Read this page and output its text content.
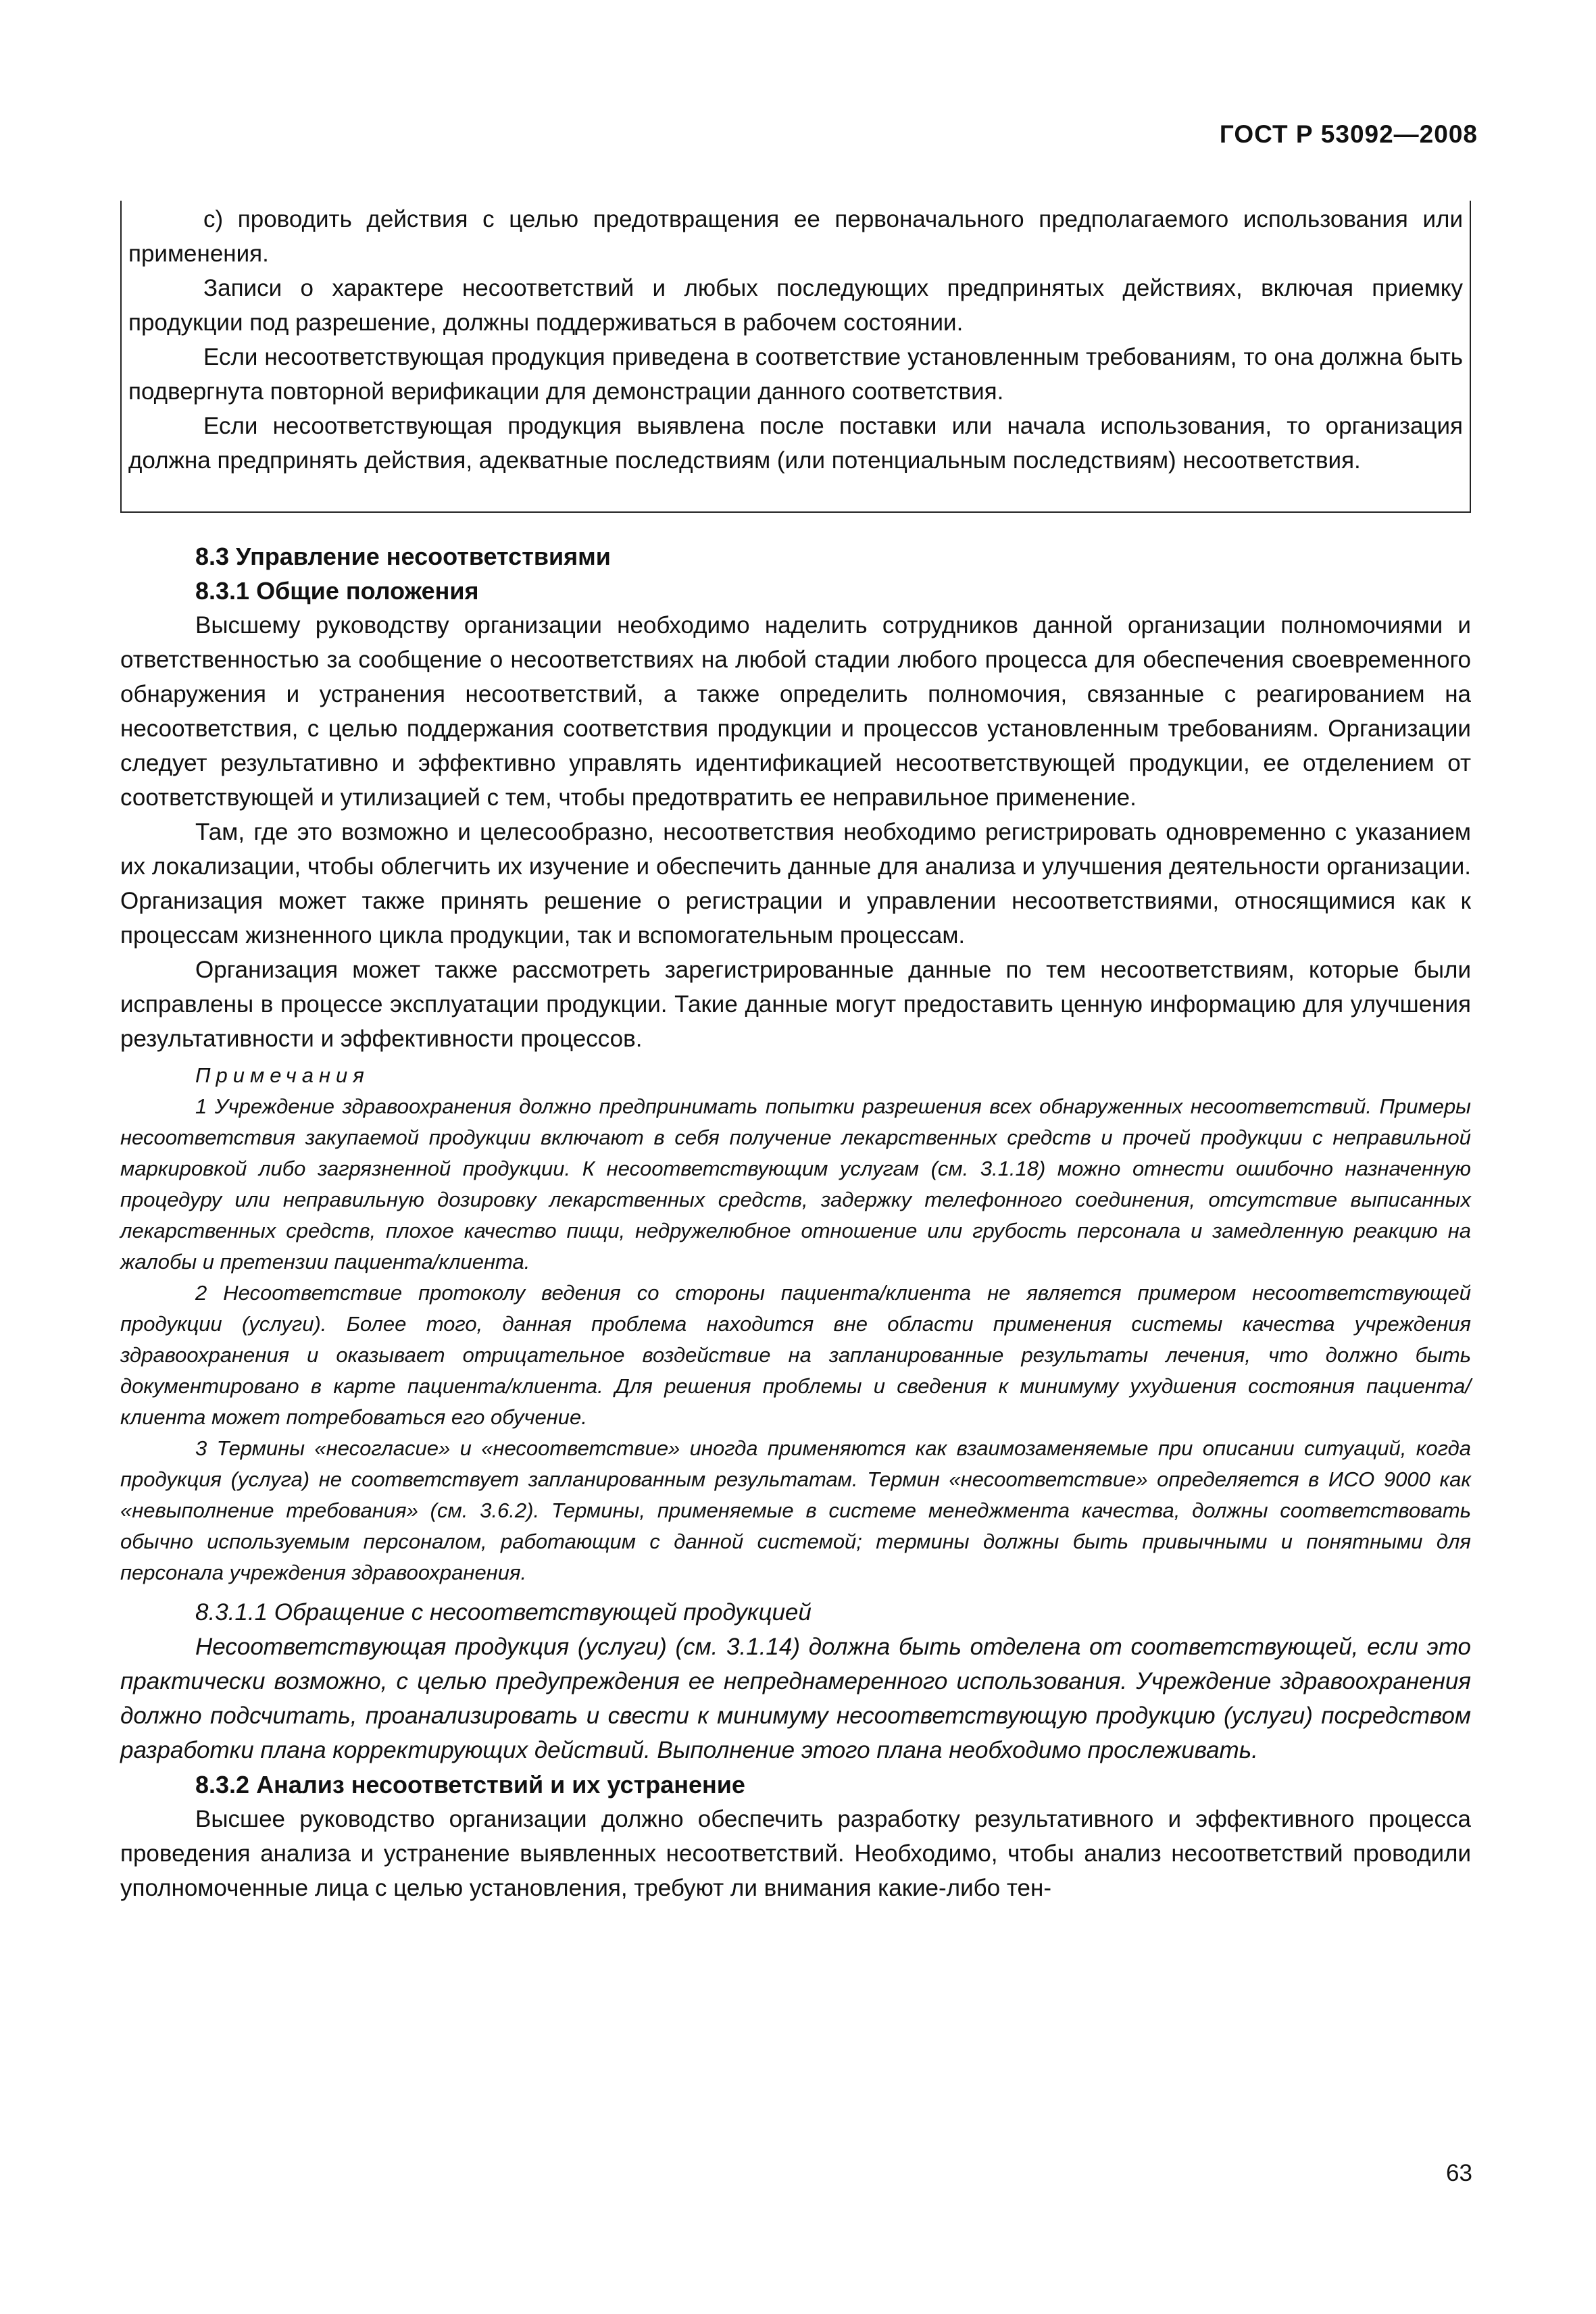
ГОСТ Р 53092—2008

c) проводить действия с целью предотвращения ее первоначального предполагаемого использования или применения.

Записи о характере несоответствий и любых последующих предпринятых действиях, включая приемку продукции под разрешение, должны поддерживаться в рабочем состоянии.

Если несоответствующая продукция приведена в соответствие установленным требованиям, то она должна быть подвергнута повторной верификации для демонстрации данного соответствия.

Если несоответствующая продукция выявлена после поставки или начала использования, то организация должна предпринять действия, адекватные последствиям (или потенциальным последствиям) несоответствия.

8.3 Управление несоответствиями
8.3.1 Общие положения

Высшему руководству организации необходимо наделить сотрудников данной организации полномочиями и ответственностью за сообщение о несоответствиях на любой стадии любого процесса для обеспечения своевременного обнаружения и устранения несоответствий, а также определить полномочия, связанные с реагированием на несоответствия, с целью поддержания соответствия продукции и процессов установленным требованиям. Организации следует результативно и эффективно управлять идентификацией несоответствующей продукции, ее отделением от соответствующей и утилизацией с тем, чтобы предотвратить ее неправильное применение.

Там, где это возможно и целесообразно, несоответствия необходимо регистрировать одновременно с указанием их локализации, чтобы облегчить их изучение и обеспечить данные для анализа и улучшения деятельности организации. Организация может также принять решение о регистрации и управлении несоответствиями, относящимися как к процессам жизненного цикла продукции, так и вспомогательным процессам.

Организация может также рассмотреть зарегистрированные данные по тем несоответствиям, которые были исправлены в процессе эксплуатации продукции. Такие данные могут предоставить ценную информацию для улучшения результативности и эффективности процессов.

Примечания

1 Учреждение здравоохранения должно предпринимать попытки разрешения всех обнаруженных несоответствий. Примеры несоответствия закупаемой продукции включают в себя получение лекарственных средств и прочей продукции с неправильной маркировкой либо загрязненной продукции. К несоответствующим услугам (см. 3.1.18) можно отнести ошибочно назначенную процедуру или неправильную дозировку лекарственных средств, задержку телефонного соединения, отсутствие выписанных лекарственных средств, плохое качество пищи, недружелюбное отношение или грубость персонала и замедленную реакцию на жалобы и претензии пациента/клиента.

2 Несоответствие протоколу ведения со стороны пациента/клиента не является примером несоответствующей продукции (услуги). Более того, данная проблема находится вне области применения системы качества учреждения здравоохранения и оказывает отрицательное воздействие на запланированные результаты лечения, что должно быть документировано в карте пациента/клиента. Для решения проблемы и сведения к минимуму ухудшения состояния пациента/клиента может потребоваться его обучение.

3 Термины «несогласие» и «несоответствие» иногда применяются как взаимозаменяемые при описании ситуаций, когда продукция (услуга) не соответствует запланированным результатам. Термин «несоответствие» определяется в ИСО 9000 как «невыполнение требования» (см. 3.6.2). Термины, применяемые в системе менеджмента качества, должны соответствовать обычно используемым персоналом, работающим с данной системой; термины должны быть привычными и понятными для персонала учреждения здравоохранения.

8.3.1.1 Обращение с несоответствующей продукцией

Несоответствующая продукция (услуги) (см. 3.1.14) должна быть отделена от соответствующей, если это практически возможно, с целью предупреждения ее непреднамеренного использования. Учреждение здравоохранения должно подсчитать, проанализировать и свести к минимуму несоответствующую продукцию (услуги) посредством разработки плана корректирующих действий. Выполнение этого плана необходимо прослеживать.

8.3.2 Анализ несоответствий и их устранение

Высшее руководство организации должно обеспечить разработку результативного и эффективного процесса проведения анализа и устранение выявленных несоответствий. Необходимо, чтобы анализ несоответствий проводили уполномоченные лица с целью установления, требуют ли внимания какие-либо тен-

63
